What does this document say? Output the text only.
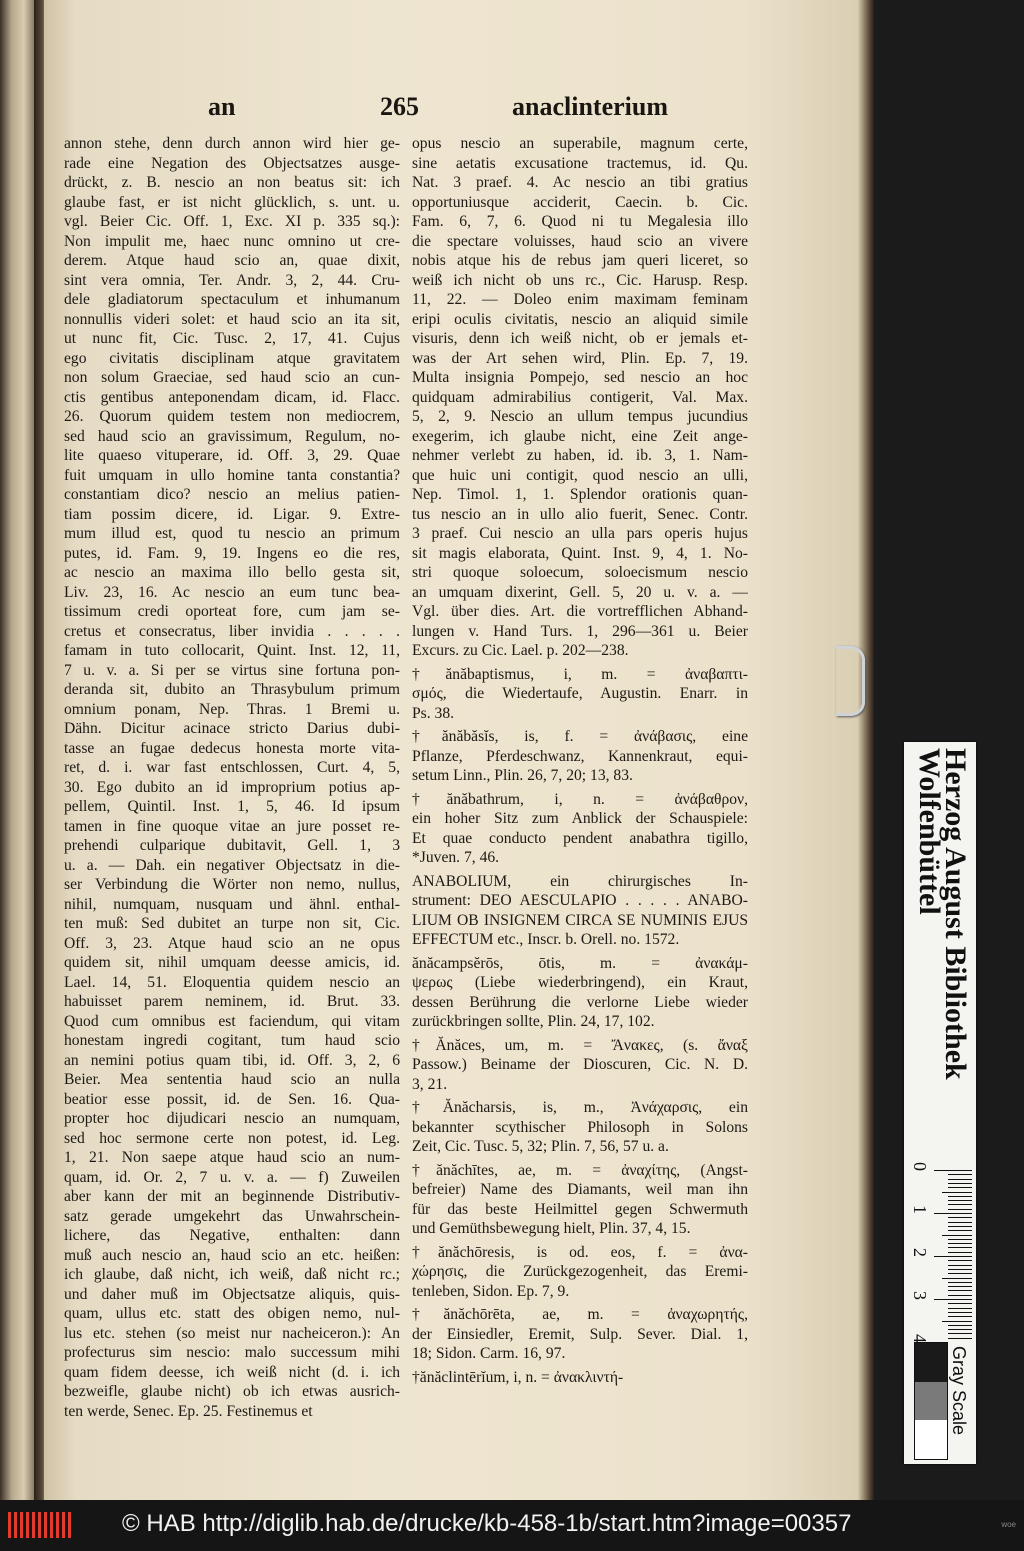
an	265	anaclinterium
annon stehe, denn durch annon wird hier ge-
rade eine Negation des Objectsatzes ausge-
drückt, z. B. nescio an non beatus sit: ich
glaube fast, er ist nicht glücklich, s. unt. u.
vgl. Beier Cic. Off. 1, Exc. XI p. 335 sq.):
Non impulit me, haec nunc omnino ut cre-
derem. Atque haud scio an, quae dixit,
sint vera omnia, Ter. Andr. 3, 2, 44. Cru-
dele gladiatorum spectaculum et inhumanum
nonnullis videri solet: et haud scio an ita sit,
ut nunc fit, Cic. Tusc. 2, 17, 41. Cujus
ego civitatis disciplinam atque gravitatem
non solum Graeciae, sed haud scio an cun-
ctis gentibus anteponendam dicam, id. Flacc.
26. Quorum quidem testem non mediocrem,
sed haud scio an gravissimum, Regulum, no-
lite quaeso vituperare, id. Off. 3, 29. Quae
fuit umquam in ullo homine tanta constantia?
constantiam dico? nescio an melius patien-
tiam possim dicere, id. Ligar. 9. Extre-
mum illud est, quod tu nescio an primum
putes, id. Fam. 9, 19. Ingens eo die res,
ac nescio an maxima illo bello gesta sit,
Liv. 23, 16. Ac nescio an eum tunc bea-
tissimum credi oporteat fore, cum jam se-
cretus et consecratus, liber invidia . . . . .
famam in tuto collocarit, Quint. Inst. 12, 11,
7 u. v. a. Si per se virtus sine fortuna pon-
deranda sit, dubito an Thrasybulum primum
omnium ponam, Nep. Thras. 1 Bremi u.
Dähn. Dicitur acinace stricto Darius dubi-
tasse an fugae dedecus honesta morte vita-
ret, d. i. war fast entschlossen, Curt. 4, 5,
30. Ego dubito an id improprium potius ap-
pellem, Quintil. Inst. 1, 5, 46. Id ipsum
tamen in fine quoque vitae an jure posset re-
prehendi culparique dubitavit, Gell. 1, 3
u. a. — Dah. ein negativer Objectsatz in die-
ser Verbindung die Wörter non nemo, nullus,
nihil, numquam, nusquam und ähnl. enthal-
ten muß: Sed dubitet an turpe non sit, Cic.
Off. 3, 23. Atque haud scio an ne opus
quidem sit, nihil umquam deesse amicis, id.
Lael. 14, 51. Eloquentia quidem nescio an
habuisset parem neminem, id. Brut. 33.
Quod cum omnibus est faciendum, qui vitam
honestam ingredi cogitant, tum haud scio
an nemini potius quam tibi, id. Off. 3, 2, 6
Beier. Mea sententia haud scio an nulla
beatior esse possit, id. de Sen. 16. Qua-
propter hoc dijudicari nescio an numquam,
sed hoc sermone certe non potest, id. Leg.
1, 21. Non saepe atque haud scio an num-
quam, id. Or. 2, 7 u. v. a. — f) Zuweilen
aber kann der mit an beginnende Distributiv-
satz gerade umgekehrt das Unwahrschein-
lichere, das Negative, enthalten: dann
muß auch nescio an, haud scio an etc. heißen:
ich glaube, daß nicht, ich weiß, daß nicht rc.;
und daher muß im Objectsatze aliquis, quis-
quam, ullus etc. statt des obigen nemo, nul-
lus etc. stehen (so meist nur nacheiceron.): An
profecturus sim nescio: malo successum mihi
quam fidem deesse, ich weiß nicht (d. i. ich
bezweifle, glaube nicht) ob ich etwas ausrich-
ten werde, Senec. Ep. 25. Festinemus et

opus nescio an superabile, magnum certe,
sine aetatis excusatione tractemus, id. Qu.
Nat. 3 praef. 4. Ac nescio an tibi gratius
opportuniusque acciderit, Caecin. b. Cic.
Fam. 6, 7, 6. Quod ni tu Megalesia illo
die spectare voluisses, haud scio an vivere
nobis atque his de rebus jam queri liceret, so
weiß ich nicht ob uns rc., Cic. Harusp. Resp.
11, 22. — Doleo enim maximam feminam
eripi oculis civitatis, nescio an aliquid simile
visuris, denn ich weiß nicht, ob er jemals et-
was der Art sehen wird, Plin. Ep. 7, 19.
Multa insignia Pompejo, sed nescio an hoc
quidquam admirabilius contigerit, Val. Max.
5, 2, 9. Nescio an ullum tempus jucundius
exegerim, ich glaube nicht, eine Zeit ange-
nehmer verlebt zu haben, id. ib. 3, 1. Nam-
que huic uni contigit, quod nescio an ulli,
Nep. Timol. 1, 1. Splendor orationis quan-
tus nescio an in ullo alio fuerit, Senec. Contr.
3 praef. Cui nescio an ulla pars operis hujus
sit magis elaborata, Quint. Inst. 9, 4, 1. No-
stri quoque soloecum, soloecismum nescio
an umquam dixerint, Gell. 5, 20 u. v. a. —
Vgl. über dies. Art. die vortrefflichen Abhand-
lungen v. Hand Turs. 1, 296—361 u. Beier
Excurs. zu Cic. Lael. p. 202—238.

†ănăbaptismus, i, m. = ἀναβαπτι-
σμός, die Wiedertaufe, Augustin. Enarr. in
Ps. 38.

†ănăbăsĭs, is, f. = ἀνάβασις, eine
Pflanze, Pferdeschwanz, Kannenkraut, equi-
setum Linn., Plin. 26, 7, 20; 13, 83.

†ănăbathrum, i, n. = ἀνάβαθρον,
ein hoher Sitz zum Anblick der Schauspiele:
Et quae conducto pendent anabathra tigillo,
*Juven. 7, 46.

ANABOLIUM, ein chirurgisches In-
strument: DEO AESCULAPIO . . . . . ANABO-
LIUM OB INSIGNEM CIRCA SE NUMINIS EJUS
EFFECTUM etc., Inscr. b. Orell. no. 1572.

ănăcampsĕrōs, ōtis, m. = ἀνακάμ-
ψερως (Liebe wiederbringend), ein Kraut,
dessen Berührung die verlorne Liebe wieder
zurückbringen sollte, Plin. 24, 17, 102.

†Ănăces, um, m. = Ἄνακες, (s. ἄναξ
Passow.) Beiname der Dioscuren, Cic. N. D.
3, 21.

†Ănăcharsis, is, m., Ἀνάχαρσις, ein
bekannter scythischer Philosoph in Solons
Zeit, Cic. Tusc. 5, 32; Plin. 7, 56, 57 u. a.

†ănăchītes, ae, m. = ἀναχίτης, (Angst-
befreier) Name des Diamants, weil man ihn
für das beste Heilmittel gegen Schwermuth
und Gemüthsbewegung hielt, Plin. 37, 4, 15.

†ănăchōresis, is od. eos, f. = ἀνα-
χώρησις, die Zurückgezogenheit, das Eremi-
tenleben, Sidon. Ep. 7, 9.

†ănăchōrēta, ae, m. = ἀναχωρητής,
der Einsiedler, Eremit, Sulp. Sever. Dial. 1,
18; Sidon. Carm. 16, 97.

†ănăclintērĭum, i, n. = ἀνακλιντή-

Herzog August Bibliothek
Wolfenbüttel
0
1
2
3
4
Gray Scale
© HAB http://diglib.hab.de/drucke/kb-458-1b/start.htm?image=00357	woe
